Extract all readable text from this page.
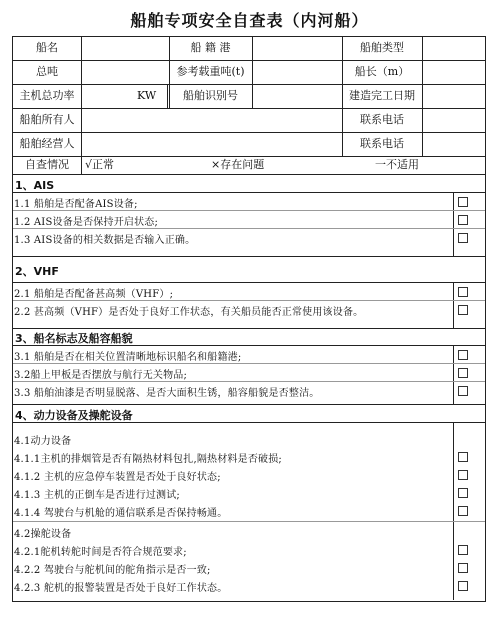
船舶专项安全自查表（内河船）
船名	船 籍 港	船舶类型
总吨	参考载重吨(t)	船长（m）
主机总功率	KW	船舶识别号	建造完工日期
船舶所有人	联系电话
船舶经营人	联系电话
自查情况	√正常	×存在问题	一不适用
1、AIS
1.1 船舶是否配备AIS设备;
1.2 AIS设备是否保持开启状态;
1.3 AIS设备的相关数据是否输入正确。
2、VHF
2.1 船舶是否配备甚高频（VHF）;
2.2 甚高频（VHF）是否处于良好工作状态，有关船员能否正常使用该设备。
3、船名标志及船容船貌
3.1 船舶是否在相关位置清晰地标识船名和船籍港;
3.2船上甲板是否摆放与航行无关物品;
3.3 船舶油漆是否明显脱落、是否大面积生锈，船容船貌是否整洁。
4、动力设备及操舵设备
4.1动力设备
4.1.1主机的排烟管是否有隔热材料包扎,隔热材料是否破损;
4.1.2 主机的应急停车装置是否处于良好状态;
4.1.3 主机的正倒车是否进行过测试;
4.1.4 驾驶台与机舱的通信联系是否保持畅通。
4.2操舵设备
4.2.1舵机转舵时间是否符合规范要求;
4.2.2 驾驶台与舵机间的舵角指示是否一致;
4.2.3 舵机的报警装置是否处于良好工作状态。
